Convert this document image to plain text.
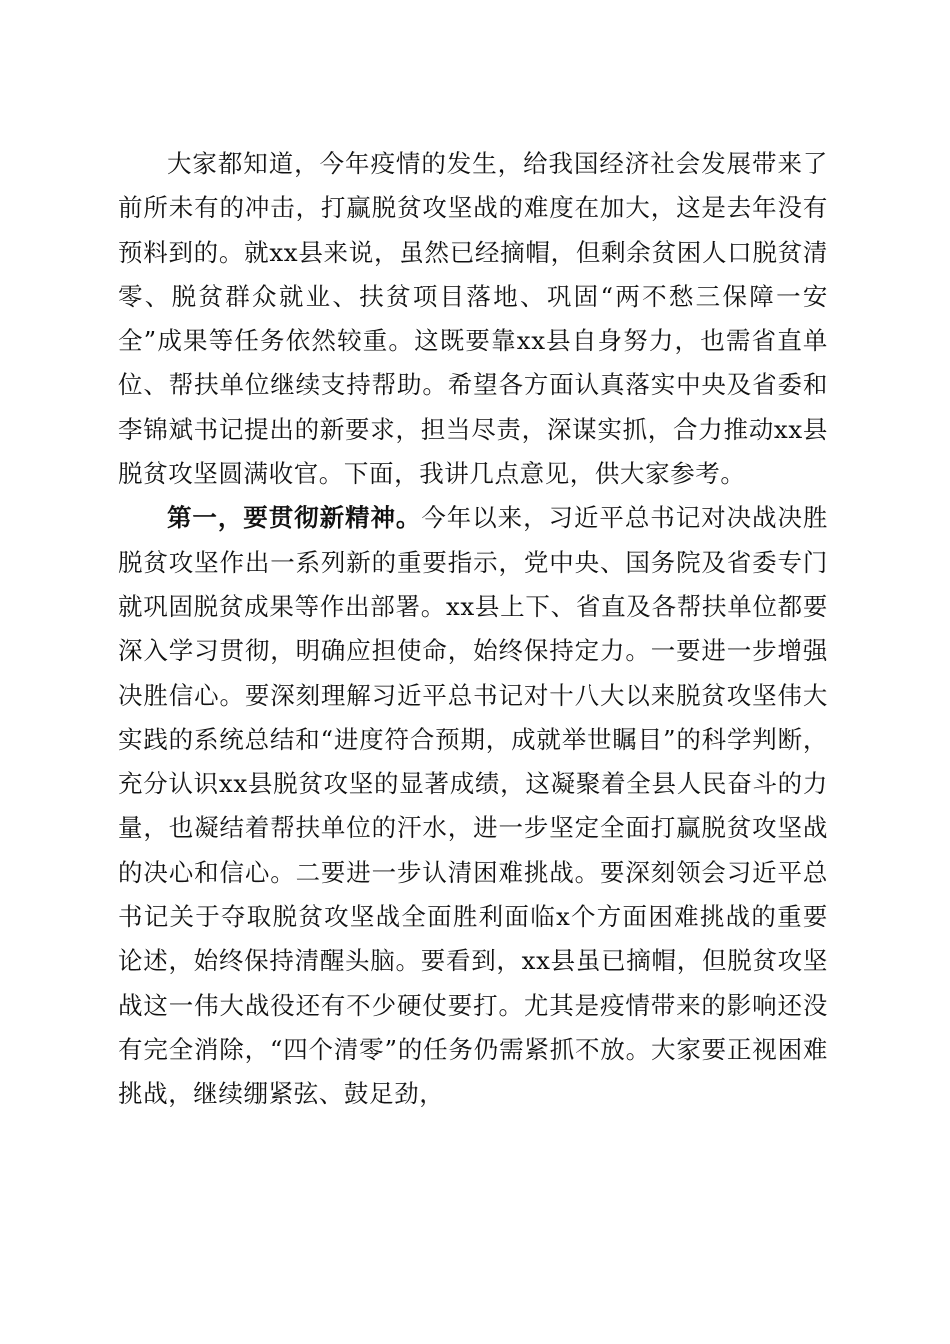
大家都知道，今年疫情的发生，给我国经济社会发展带来了前所未有的冲击，打赢脱贫攻坚战的难度在加大，这是去年没有预料到的。就xx县来说，虽然已经摘帽，但剩余贫困人口脱贫清零、脱贫群众就业、扶贫项目落地、巩固“两不愁三保障一安全”成果等任务依然较重。这既要靠xx县自身努力，也需省直单位、帮扶单位继续支持帮助。希望各方面认真落实中央及省委和李锦斌书记提出的新要求，担当尽责，深谋实抓，合力推动xx县脱贫攻坚圆满收官。下面，我讲几点意见，供大家参考。

第一，要贯彻新精神。今年以来，习近平总书记对决战决胜脱贫攻坚作出一系列新的重要指示，党中央、国务院及省委专门就巩固脱贫成果等作出部署。xx县上下、省直及各帮扶单位都要深入学习贯彻，明确应担使命，始终保持定力。一要进一步增强决胜信心。要深刻理解习近平总书记对十八大以来脱贫攻坚伟大实践的系统总结和“进度符合预期，成就举世瞩目”的科学判断，充分认识xx县脱贫攻坚的显著成绩，这凝聚着全县人民奋斗的力量，也凝结着帮扶单位的汗水，进一步坚定全面打赢脱贫攻坚战的决心和信心。二要进一步认清困难挑战。要深刻领会习近平总书记关于夺取脱贫攻坚战全面胜利面临x个方面困难挑战的重要论述，始终保持清醒头脑。要看到，xx县虽已摘帽，但脱贫攻坚战这一伟大战役还有不少硬仗要打。尤其是疫情带来的影响还没有完全消除，“四个清零”的任务仍需紧抓不放。大家要正视困难挑战，继续绷紧弦、鼓足劲，
